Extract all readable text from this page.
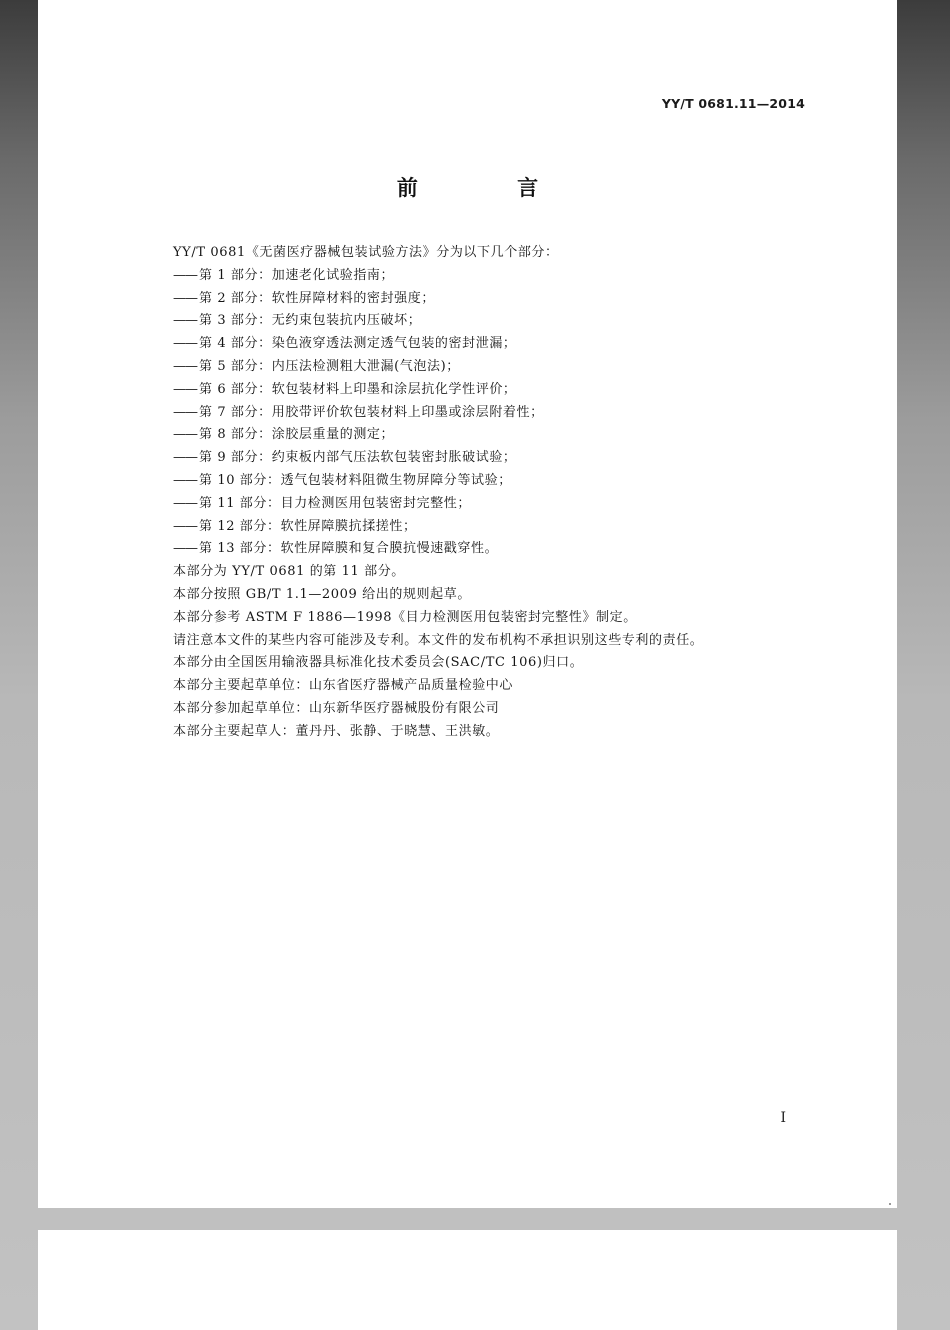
YY/T 0681.11—2014
前 言
YY/T 0681《无菌医疗器械包装试验方法》分为以下几个部分：
—— 第 1 部分：加速老化试验指南；
—— 第 2 部分：软性屏障材料的密封强度；
—— 第 3 部分：无约束包装抗内压破坏；
—— 第 4 部分：染色液穿透法测定透气包装的密封泄漏；
—— 第 5 部分：内压法检测粗大泄漏(气泡法)；
—— 第 6 部分：软包装材料上印墨和涂层抗化学性评价；
—— 第 7 部分：用胶带评价软包装材料上印墨或涂层附着性；
—— 第 8 部分：涂胶层重量的测定；
—— 第 9 部分：约束板内部气压法软包装密封胀破试验；
—— 第 10 部分：透气包装材料阻微生物屏障分等试验；
—— 第 11 部分：目力检测医用包装密封完整性；
—— 第 12 部分：软性屏障膜抗揉搓性；
—— 第 13 部分：软性屏障膜和复合膜抗慢速戳穿性。
本部分为 YY/T 0681 的第 11 部分。
本部分按照 GB/T 1.1—2009 给出的规则起草。
本部分参考 ASTM F 1886—1998《目力检测医用包装密封完整性》制定。
请注意本文件的某些内容可能涉及专利。本文件的发布机构不承担识别这些专利的责任。
本部分由全国医用输液器具标准化技术委员会(SAC/TC 106)归口。
本部分主要起草单位：山东省医疗器械产品质量检验中心
本部分参加起草单位：山东新华医疗器械股份有限公司
本部分主要起草人：董丹丹、张静、于晓慧、王洪敏。
I
